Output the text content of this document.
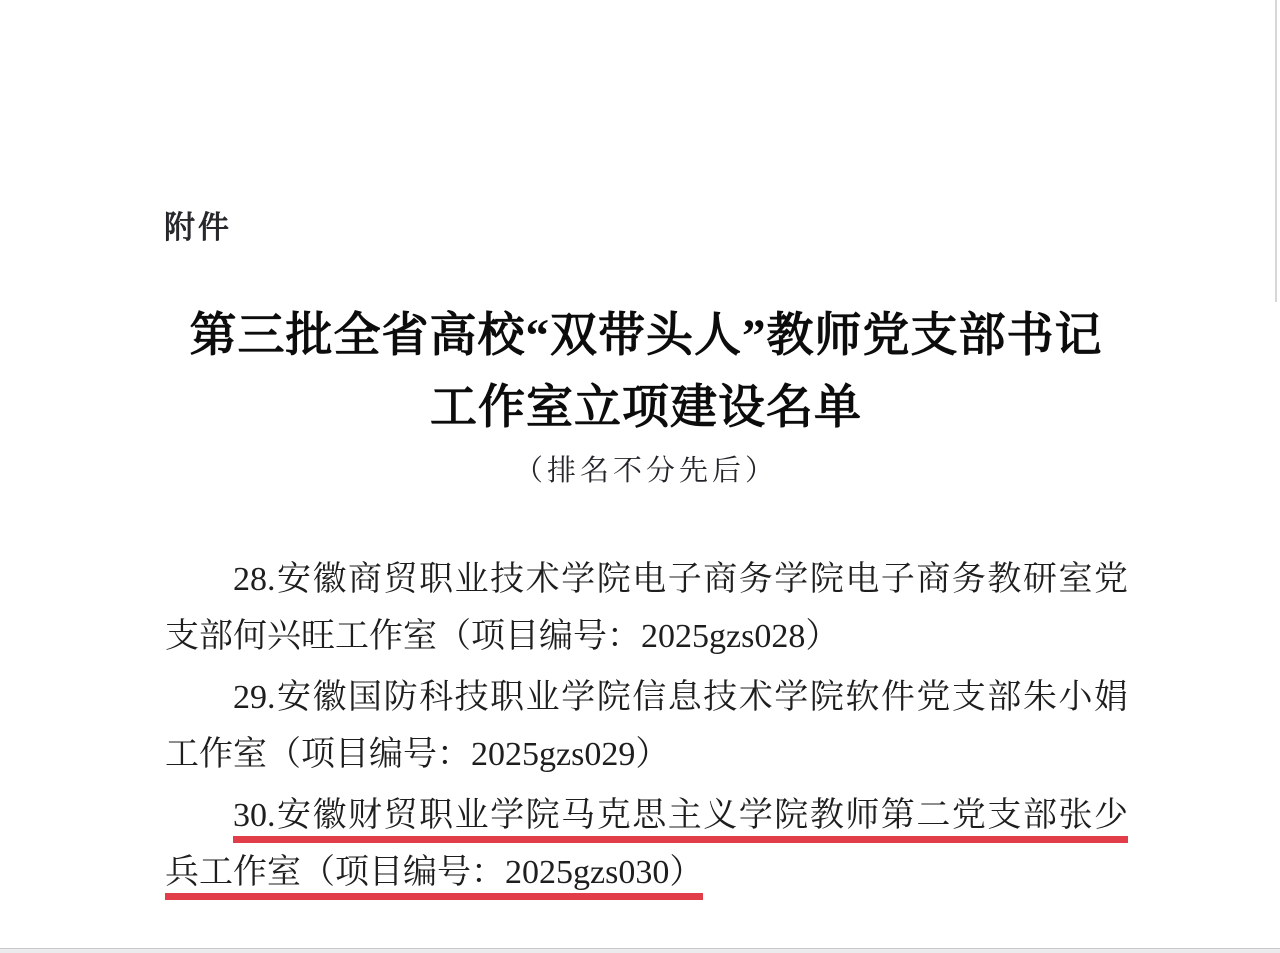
附件
第三批全省高校“双带头人”教师党支部书记
工作室立项建设名单
（排名不分先后）
28.安徽商贸职业技术学院电子商务学院电子商务教研室党
支部何兴旺工作室（项目编号：2025gzs028）
29.安徽国防科技职业学院信息技术学院软件党支部朱小娟
工作室（项目编号：2025gzs029）
30.安徽财贸职业学院马克思主义学院教师第二党支部张少
兵工作室（项目编号：2025gzs030）
